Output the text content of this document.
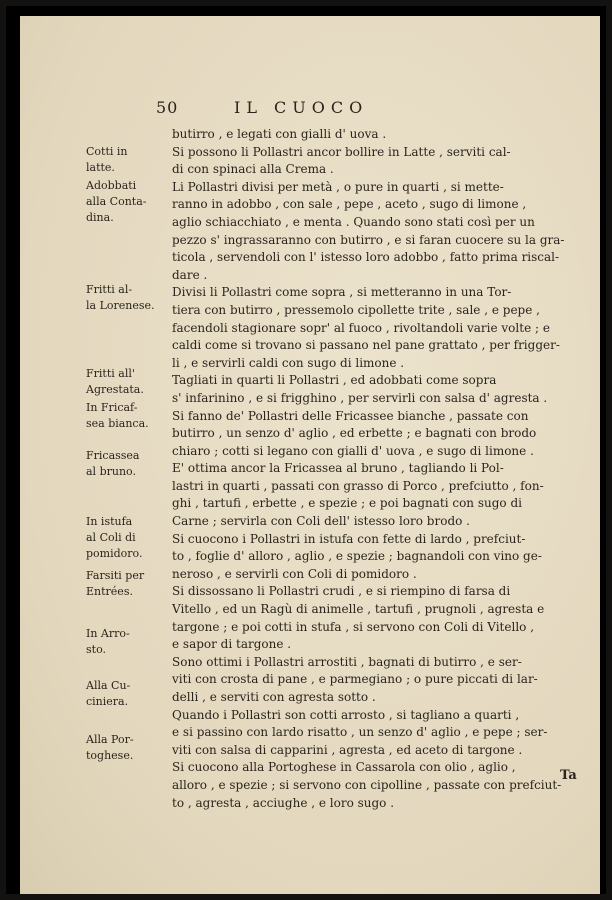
50	IL CUOCO
Cotti in
latte.
Adobbati
alla Conta-
dina.
Fritti al-
la Lorenese.
Fritti all'
Agrestata.
In Fricaf-
sea bianca.
Fricassea
al bruno.
In istufa
al Coli di
pomidoro.
Farsiti per
Entrées.
In Arro-
sto.
Alla Cu-
ciniera.
Alla Por-
toghese.
butirro , e legati con gialli d' uova .
Si possono li Pollastri ancor bollire in Latte , serviti cal-
di con spinaci alla Crema .
Li Pollastri divisi per metà , o pure in quarti , si mette-
ranno in adobbo , con sale , pepe , aceto , sugo di limone ,
aglio schiacchiato , e menta . Quando sono stati così per un
pezzo s' ingrassaranno con butirro , e si faran cuocere su la gra-
ticola , servendoli con l' istesso loro adobbo , fatto prima riscal-
dare .
Divisi li Pollastri come sopra , si metteranno in una Tor-
tiera con butirro , pressemolo cipollette trite , sale , e pepe ,
facendoli stagionare sopr' al fuoco , rivoltandoli varie volte ; e
caldi come si trovano si passano nel pane grattato , per frigger-
li , e servirli caldi con sugo di limone .
Tagliati in quarti li Pollastri , ed adobbati come sopra
s' infarinino , e si frigghino , per servirli con salsa d' agresta .
Si fanno de' Pollastri delle Fricassee bianche , passate con
butirro , un senzo d' aglio , ed erbette ; e bagnati con brodo
chiaro ; cotti si legano con gialli d' uova , e sugo di limone .
E' ottima ancor la Fricassea al bruno , tagliando li Pol-
lastri in quarti , passati con grasso di Porco , prefciutto , fon-
ghi , tartufi , erbette , e spezie ; e poi bagnati con sugo di
Carne ; servirla con Coli dell' istesso loro brodo .
Si cuocono i Pollastri in istufa con fette di lardo , prefciut-
to , foglie d' alloro , aglio , e spezie ; bagnandoli con vino ge-
neroso , e servirli con Coli di pomidoro .
Si dissossano li Pollastri crudi , e si riempino di farsa di
Vitello , ed un Ragù di animelle , tartufi , prugnoli , agresta e
targone ; e poi cotti in stufa , si servono con Coli di Vitello ,
e sapor di targone .
Sono ottimi i Pollastri arrostiti , bagnati di butirro , e ser-
viti con crosta di pane , e parmegiano ; o pure piccati di lar-
delli , e serviti con agresta sotto .
Quando i Pollastri son cotti arrosto , si tagliano a quarti ,
e si passino con lardo risatto , un senzo d' aglio , e pepe ; ser-
viti con salsa di capparini , agresta , ed aceto di targone .
Si cuocono alla Portoghese in Cassarola con olio , aglio ,
alloro , e spezie ; si servono con cipolline , passate con prefciut-
to , agresta , acciughe , e loro sugo .
Ta
